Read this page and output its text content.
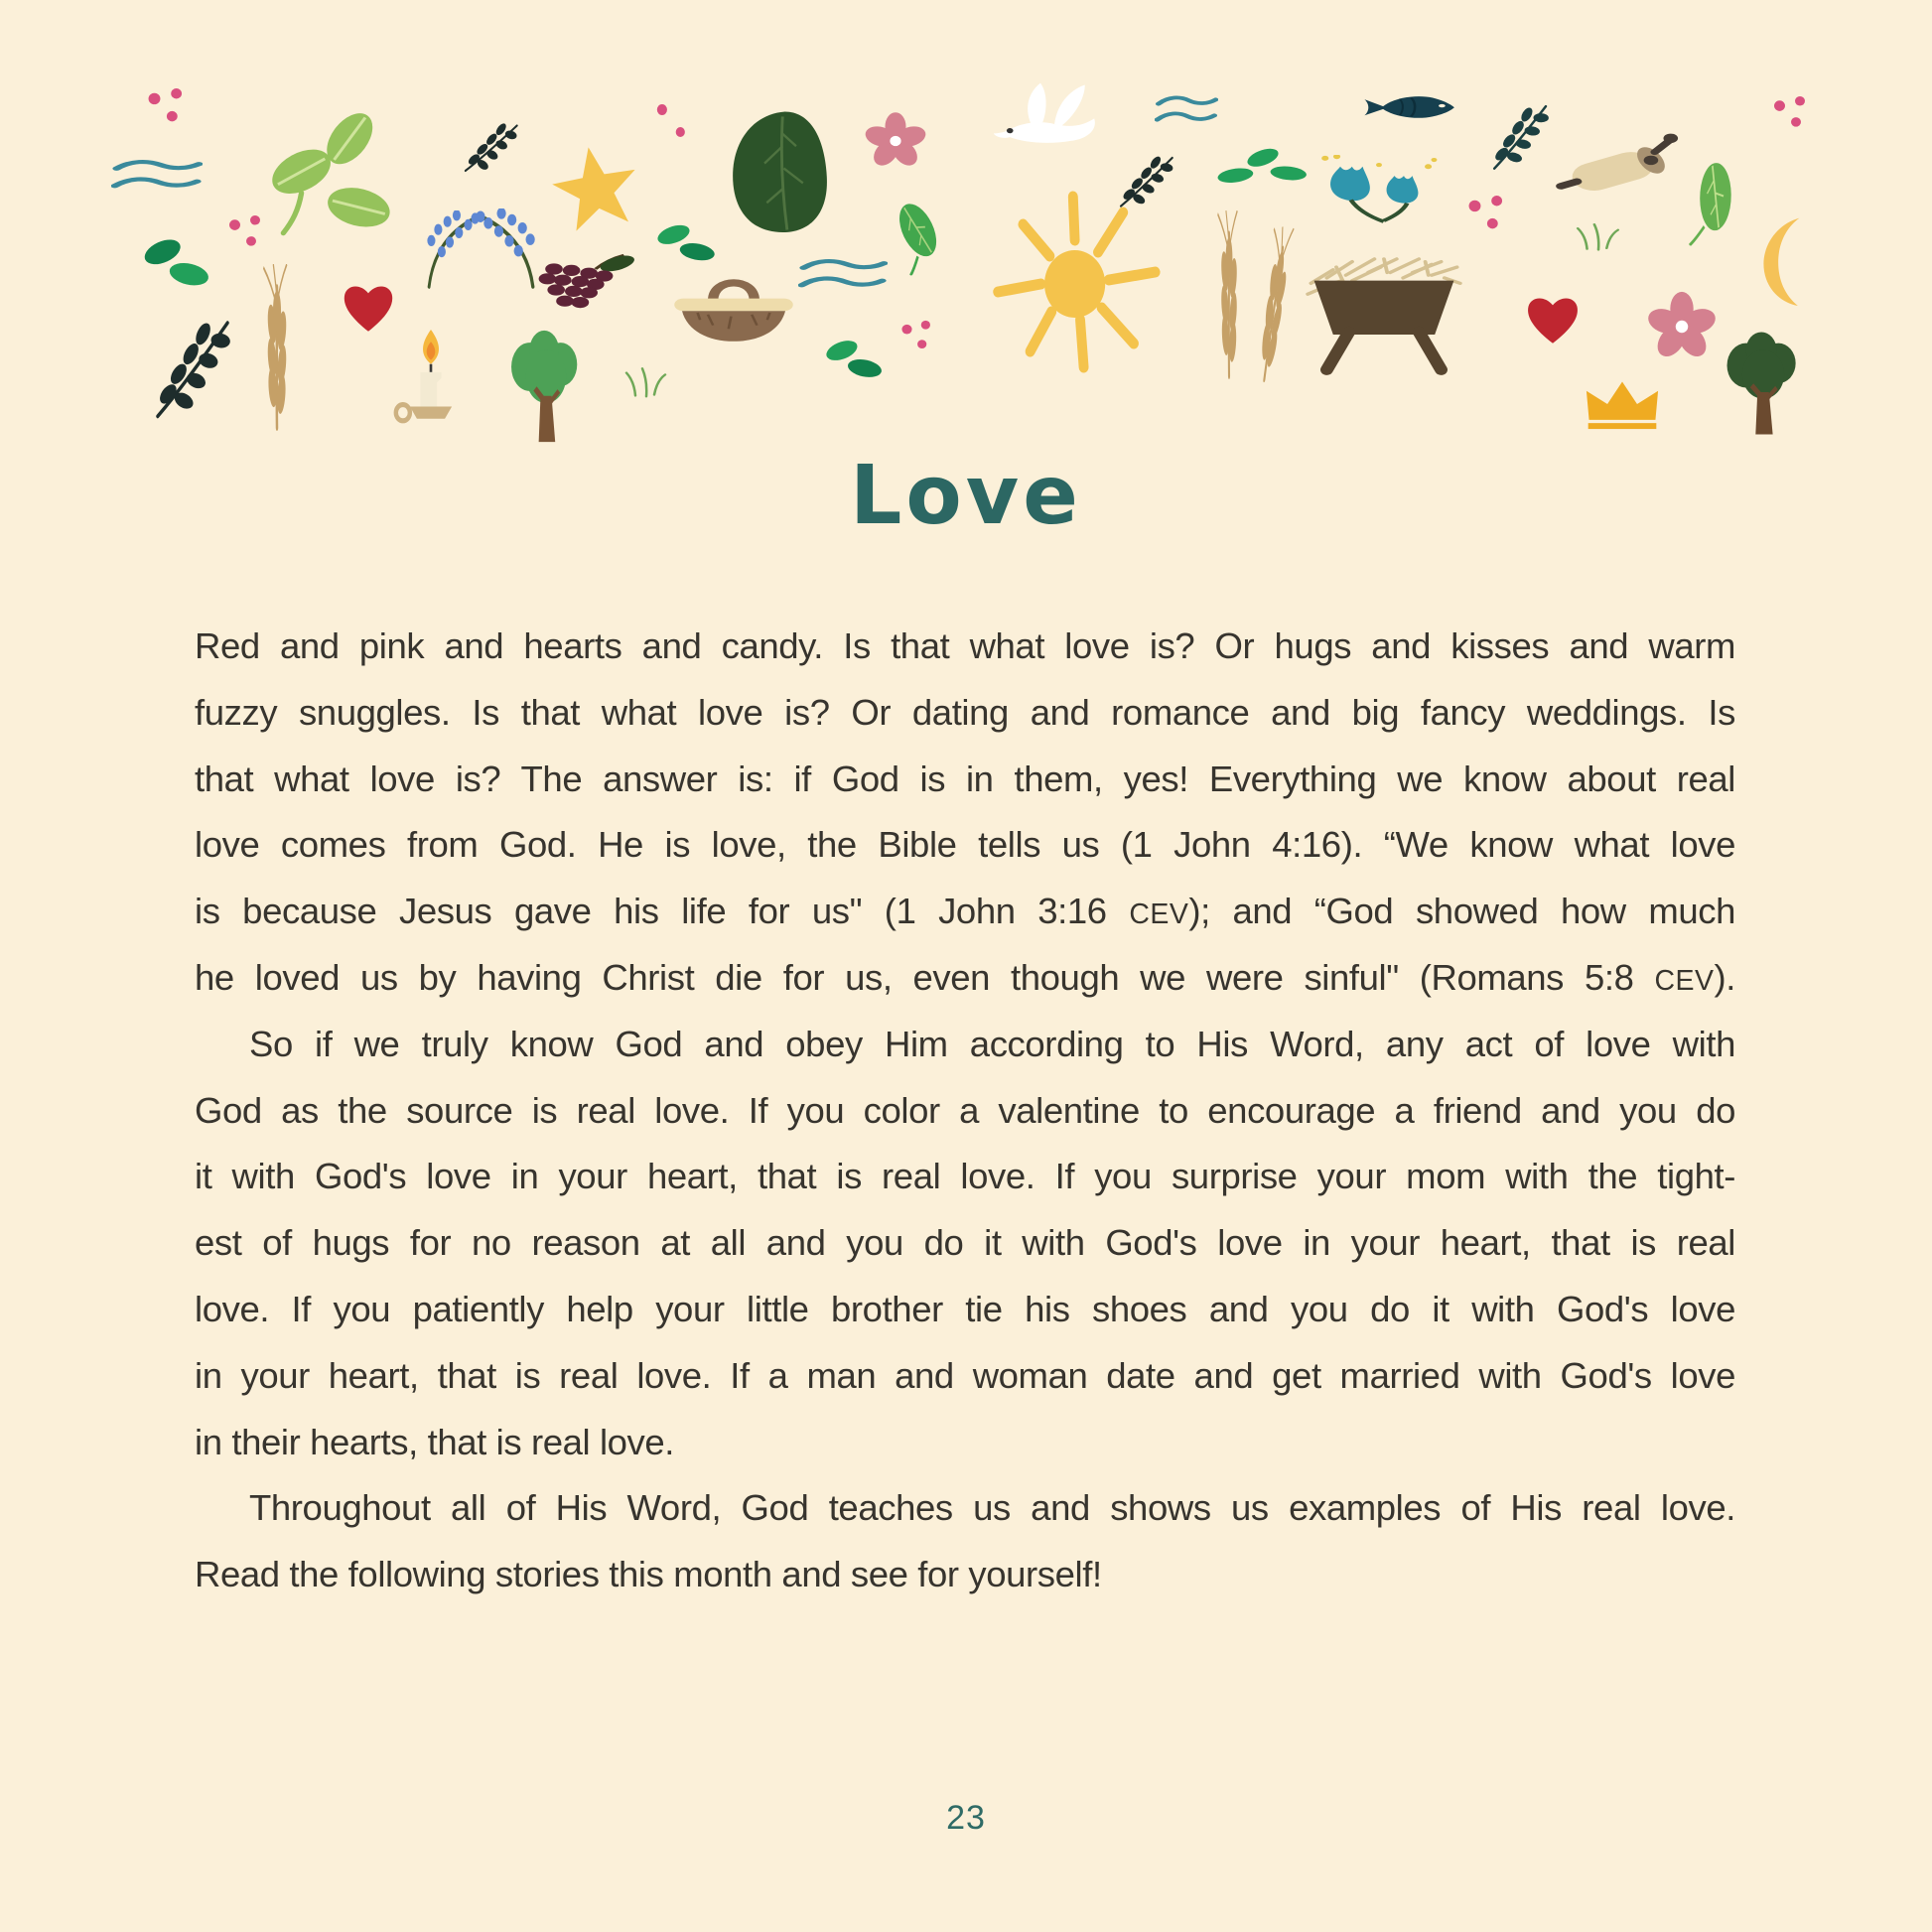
Love
Red and pink and hearts and candy. Is that what love is? Or hugs and kisses and warm
fuzzy snuggles. Is that what love is? Or dating and romance and big fancy weddings. Is
that what love is? The answer is: if God is in them, yes! Everything we know about real
love comes from God. He is love, the Bible tells us (1 John 4:16). “We know what love
is because Jesus gave his life for us" (1 John 3:16 CEV); and “God showed how much
he loved us by having Christ die for us, even though we were sinful" (Romans 5:8 CEV).
So if we truly know God and obey Him according to His Word, any act of love with
God as the source is real love. If you color a valentine to encourage a friend and you do
it with God's love in your heart, that is real love. If you surprise your mom with the tight-
est of hugs for no reason at all and you do it with God's love in your heart, that is real
love. If you patiently help your little brother tie his shoes and you do it with God's love
in your heart, that is real love. If a man and woman date and get married with God's love
in their hearts, that is real love.
Throughout all of His Word, God teaches us and shows us examples of His real love.
Read the following stories this month and see for yourself!
23
